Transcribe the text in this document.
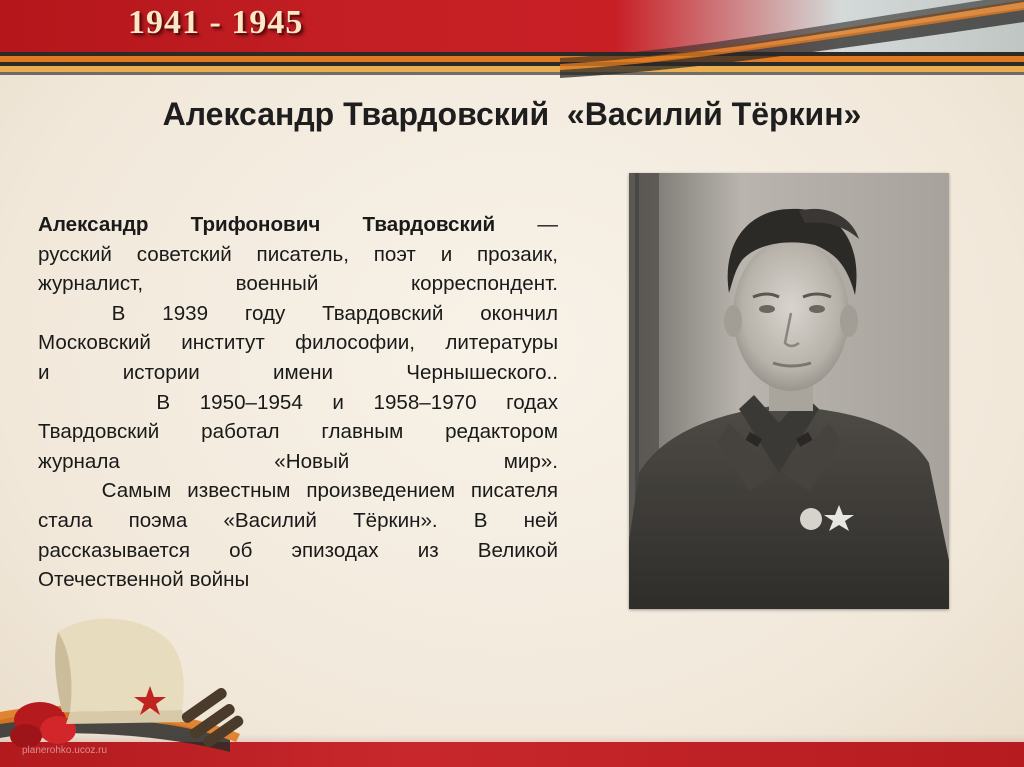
1941 - 1945
Александр Твардовский  «Василий Тёркин»
Александр Трифонович Твардовский —
русский советский писатель, поэт и прозаик,
журналист, военный корреспондент.
В 1939 году Твардовский окончил
Московский институт философии, литературы
и истории имени Чернышеского..
В 1950–1954 и 1958–1970 годах
Твардовский работал главным редактором
журнала «Новый мир».
Самым известным произведением писателя
стала поэма «Василий Тёркин». В ней
рассказывается об эпизодах из Великой
Отечественной войны
planerohko.ucoz.ru
